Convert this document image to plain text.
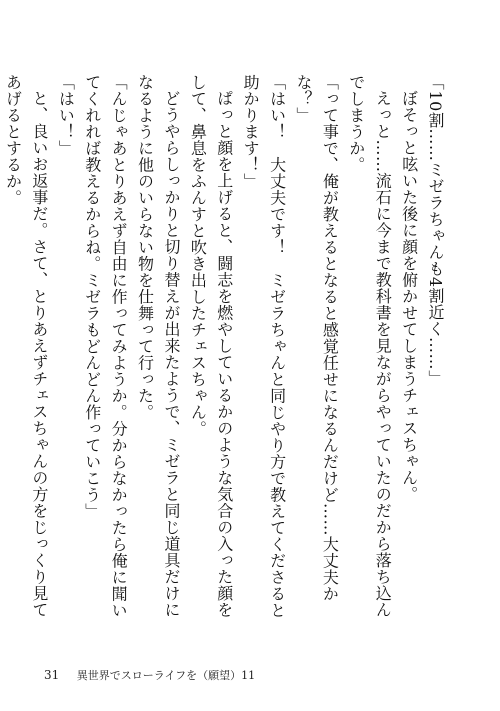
「10割……ミゼラちゃんも4割近く……」

ぼそっと呟いた後に顔を俯かせてしまうチェスちゃん。

えっと……流石に今まで教科書を見ながらやっていたのだから落ち込んでしまうか。

「って事で、俺が教えるとなると感覚任せになるんだけど……大丈夫かな？」

「はい！　大丈夫です！　ミゼラちゃんと同じやり方で教えてくださると助かります！」

ぱっと顔を上げると、闘志を燃やしているかのような気合の入った顔をして、鼻息をふんすと吹き出したチェスちゃん。

どうやらしっかりと切り替えが出来たようで、ミゼラと同じ道具だけになるように他のいらない物を仕舞って行った。

「んじゃあとりあえず自由に作ってみようか。分からなかったら俺に聞いてくれれば教えるからね。ミゼラもどんどん作っていこう」

「はい！」

と、良いお返事だ。さて、とりあえずチェスちゃんの方をじっくり見てあげるとするか。

31 異世界でスローライフを（願望）11
